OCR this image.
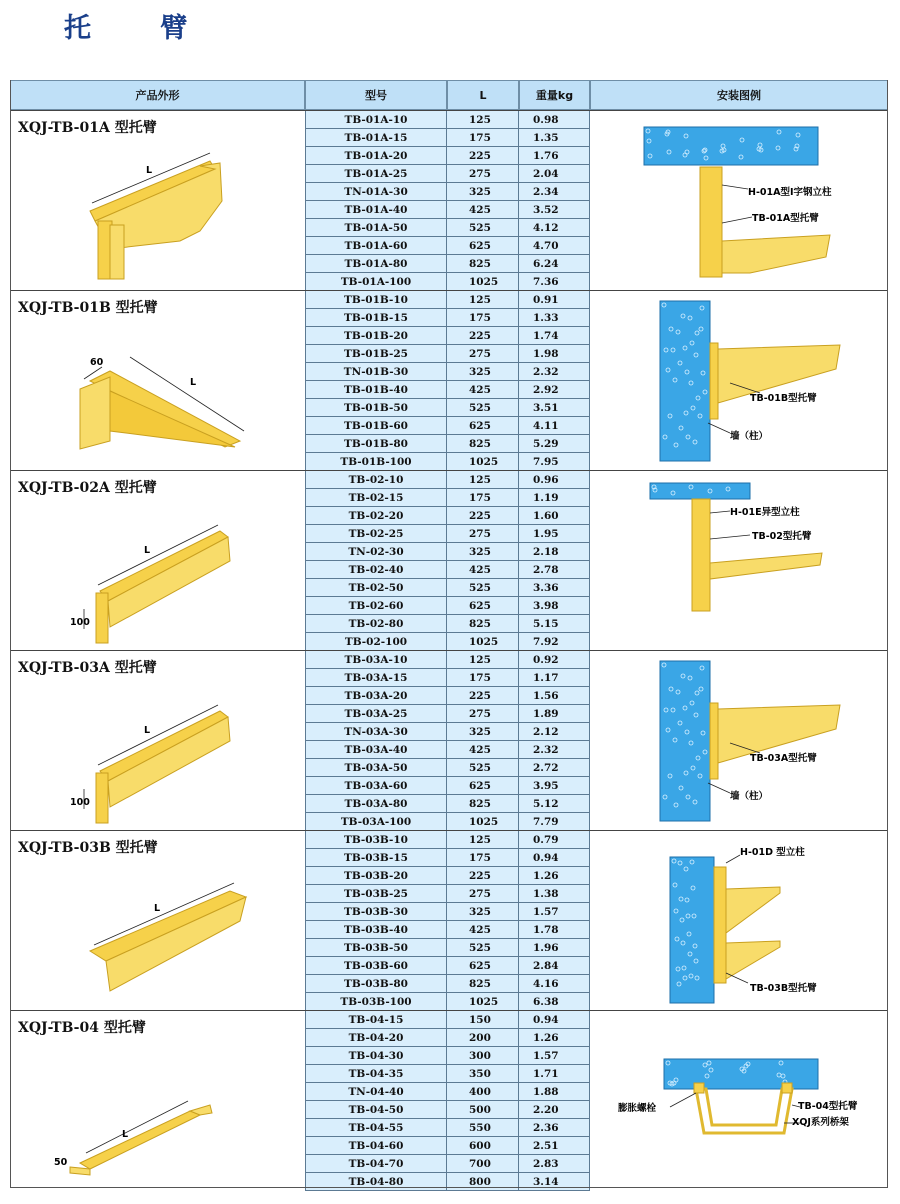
托 臂
产品外形	型号	L	重量kg	安装图例
XQJ-TB-01A 型托臂
L
TB-01A-10	125	0.98
TB-01A-15	175	1.35
TB-01A-20	225	1.76
TB-01A-25	275	2.04
TN-01A-30	325	2.34
TB-01A-40	425	3.52
TB-01A-50	525	4.12
TB-01A-60	625	4.70
TB-01A-80	825	6.24
TB-01A-100	1025	7.36
H-01A型I字钢立柱
TB-01A型托臂
XQJ-TB-01B 型托臂
L
60
TB-01B-10	125	0.91
TB-01B-15	175	1.33
TB-01B-20	225	1.74
TB-01B-25	275	1.98
TN-01B-30	325	2.32
TB-01B-40	425	2.92
TB-01B-50	525	3.51
TB-01B-60	625	4.11
TB-01B-80	825	5.29
TB-01B-100	1025	7.95
TB-01B型托臂
墙（柱）
XQJ-TB-02A 型托臂
L
100
TB-02-10	125	0.96
TB-02-15	175	1.19
TB-02-20	225	1.60
TB-02-25	275	1.95
TN-02-30	325	2.18
TB-02-40	425	2.78
TB-02-50	525	3.36
TB-02-60	625	3.98
TB-02-80	825	5.15
TB-02-100	1025	7.92
H-01E异型立柱
TB-02型托臂
XQJ-TB-03A 型托臂
L
100
TB-03A-10	125	0.92
TB-03A-15	175	1.17
TB-03A-20	225	1.56
TB-03A-25	275	1.89
TN-03A-30	325	2.12
TB-03A-40	425	2.32
TB-03A-50	525	2.72
TB-03A-60	625	3.95
TB-03A-80	825	5.12
TB-03A-100	1025	7.79
TB-03A型托臂
墙（柱）
XQJ-TB-03B 型托臂
L
TB-03B-10	125	0.79
TB-03B-15	175	0.94
TB-03B-20	225	1.26
TB-03B-25	275	1.38
TB-03B-30	325	1.57
TB-03B-40	425	1.78
TB-03B-50	525	1.96
TB-03B-60	625	2.84
TB-03B-80	825	4.16
TB-03B-100	1025	6.38
H-01D 型立柱
TB-03B型托臂
XQJ-TB-04 型托臂
L
50
TB-04-15	150	0.94
TB-04-20	200	1.26
TB-04-30	300	1.57
TB-04-35	350	1.71
TN-04-40	400	1.88
TB-04-50	500	2.20
TB-04-55	550	2.36
TB-04-60	600	2.51
TB-04-70	700	2.83
TB-04-80	800	3.14
膨胀螺栓	TB-04型托臂
XQJ系列桥架
